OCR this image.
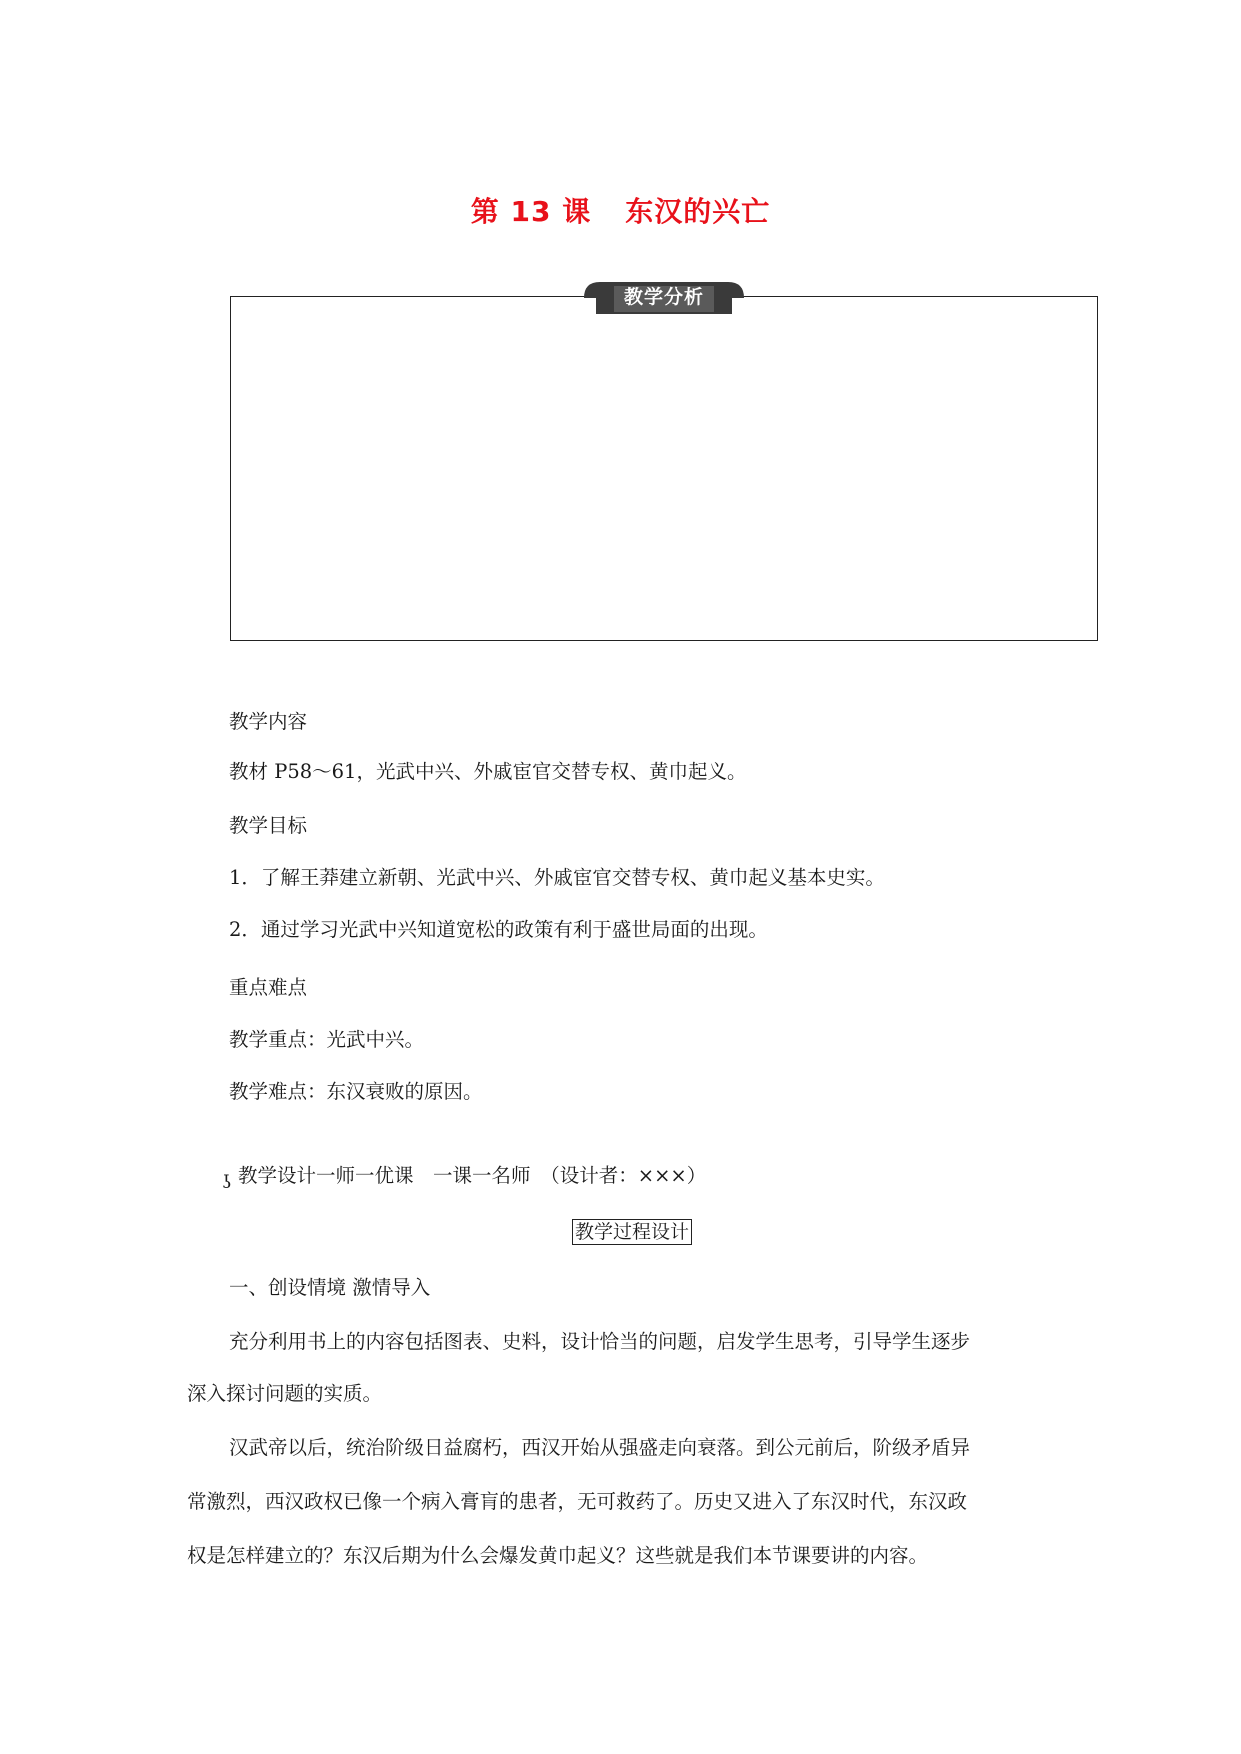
第 13 课 东汉的兴亡
教学分析
教学内容
教材 P58～61，光武中兴、外戚宦官交替专权、黄巾起义。
教学目标
1．了解王莽建立新朝、光武中兴、外戚宦官交替专权、黄巾起义基本史实。
2．通过学习光武中兴知道宽松的政策有利于盛世局面的出现。
重点难点
教学重点：光武中兴。
教学难点：东汉衰败的原因。
ʖ 教学设计一师一优课　一课一名师　（设计者：×××）
教学过程设计
一、创设情境 激情导入
充分利用书上的内容包括图表、史料，设计恰当的问题，启发学生思考，引导学生逐步
深入探讨问题的实质。
汉武帝以后，统治阶级日益腐朽，西汉开始从强盛走向衰落。到公元前后，阶级矛盾异
常激烈，西汉政权已像一个病入膏肓的患者，无可救药了。历史又进入了东汉时代，东汉政
权是怎样建立的？东汉后期为什么会爆发黄巾起义？这些就是我们本节课要讲的内容。
